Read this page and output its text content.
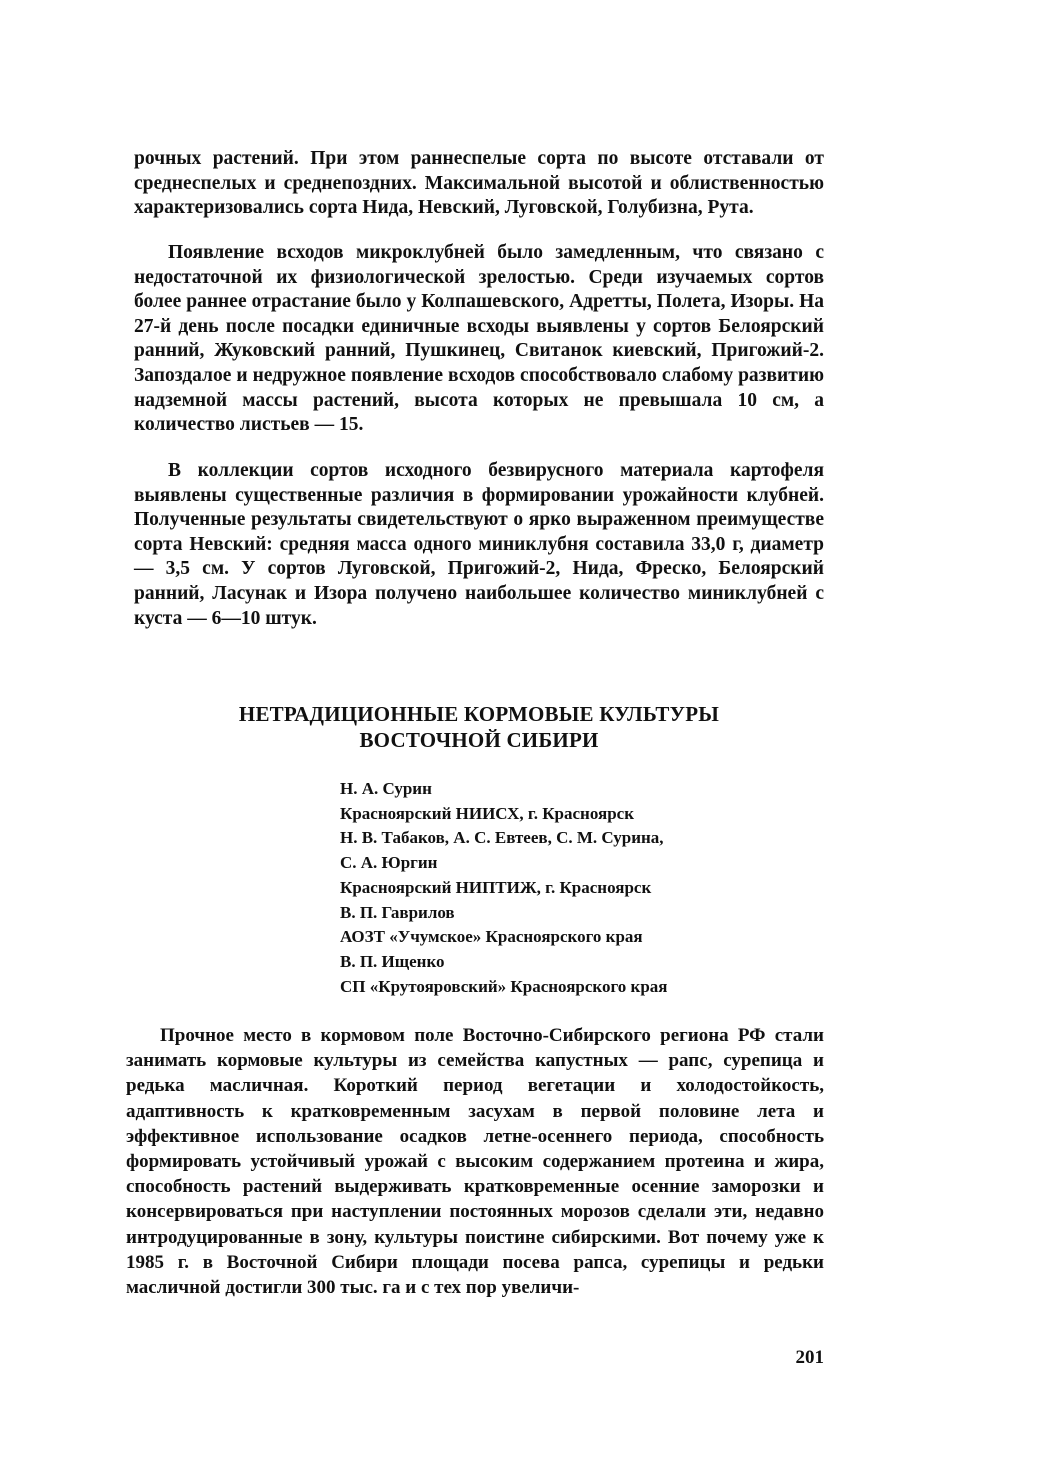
рочных растений. При этом раннеспелые сорта по высоте отставали от среднеспелых и среднепоздних. Максимальной высотой и облиственностью характеризовались сорта Нида, Невский, Луговской, Голубизна, Рута.

Появление всходов микроклубней было замедленным, что связано с недостаточной их физиологической зрелостью. Среди изучаемых сортов более раннее отрастание было у Колпашевского, Адретты, Полета, Изоры. На 27-й день после посадки единичные всходы выявлены у сортов Белоярский ранний, Жуковский ранний, Пушкинец, Свитанок киевский, Пригожий-2. Запоздалое и недружное появление всходов способствовало слабому развитию надземной массы растений, высота которых не превышала 10 см, а количество листьев — 15.

В коллекции сортов исходного безвирусного материала картофеля выявлены существенные различия в формировании урожайности клубней. Полученные результаты свидетельствуют о ярко выраженном преимуществе сорта Невский: средняя масса одного миниклубня составила 33,0 г, диаметр — 3,5 см. У сортов Луговской, Пригожий-2, Нида, Фреско, Белоярский ранний, Ласунак и Изора получено наибольшее количество миниклубней с куста — 6—10 штук.

НЕТРАДИЦИОННЫЕ КОРМОВЫЕ КУЛЬТУРЫ
ВОСТОЧНОЙ СИБИРИ
Н. А. Сурин
Красноярский НИИСХ, г. Красноярск
Н. В. Табаков, А. С. Евтеев, С. М. Сурина,
С. А. Юргин
Красноярский НИПТИЖ, г. Красноярск
В. П. Гаврилов
АОЗТ «Учумское» Красноярского края
В. П. Ищенко
СП «Крутояровский» Красноярского края

Прочное место в кормовом поле Восточно-Сибирского региона РФ стали занимать кормовые культуры из семейства капустных — рапс, сурепица и редька масличная. Короткий период вегетации и холодостойкость, адаптивность к кратковременным засухам в первой половине лета и эффективное использование осадков летне-осеннего периода, способность формировать устойчивый урожай с высоким содержанием протеина и жира, способность растений выдерживать кратковременные осенние заморозки и консервироваться при наступлении постоянных морозов сделали эти, недавно интродуцированные в зону, культуры поистине сибирскими. Вот почему уже к 1985 г. в Восточной Сибири площади посева рапса, сурепицы и редьки масличной достигли 300 тыс. га и с тех пор увеличи-

201
